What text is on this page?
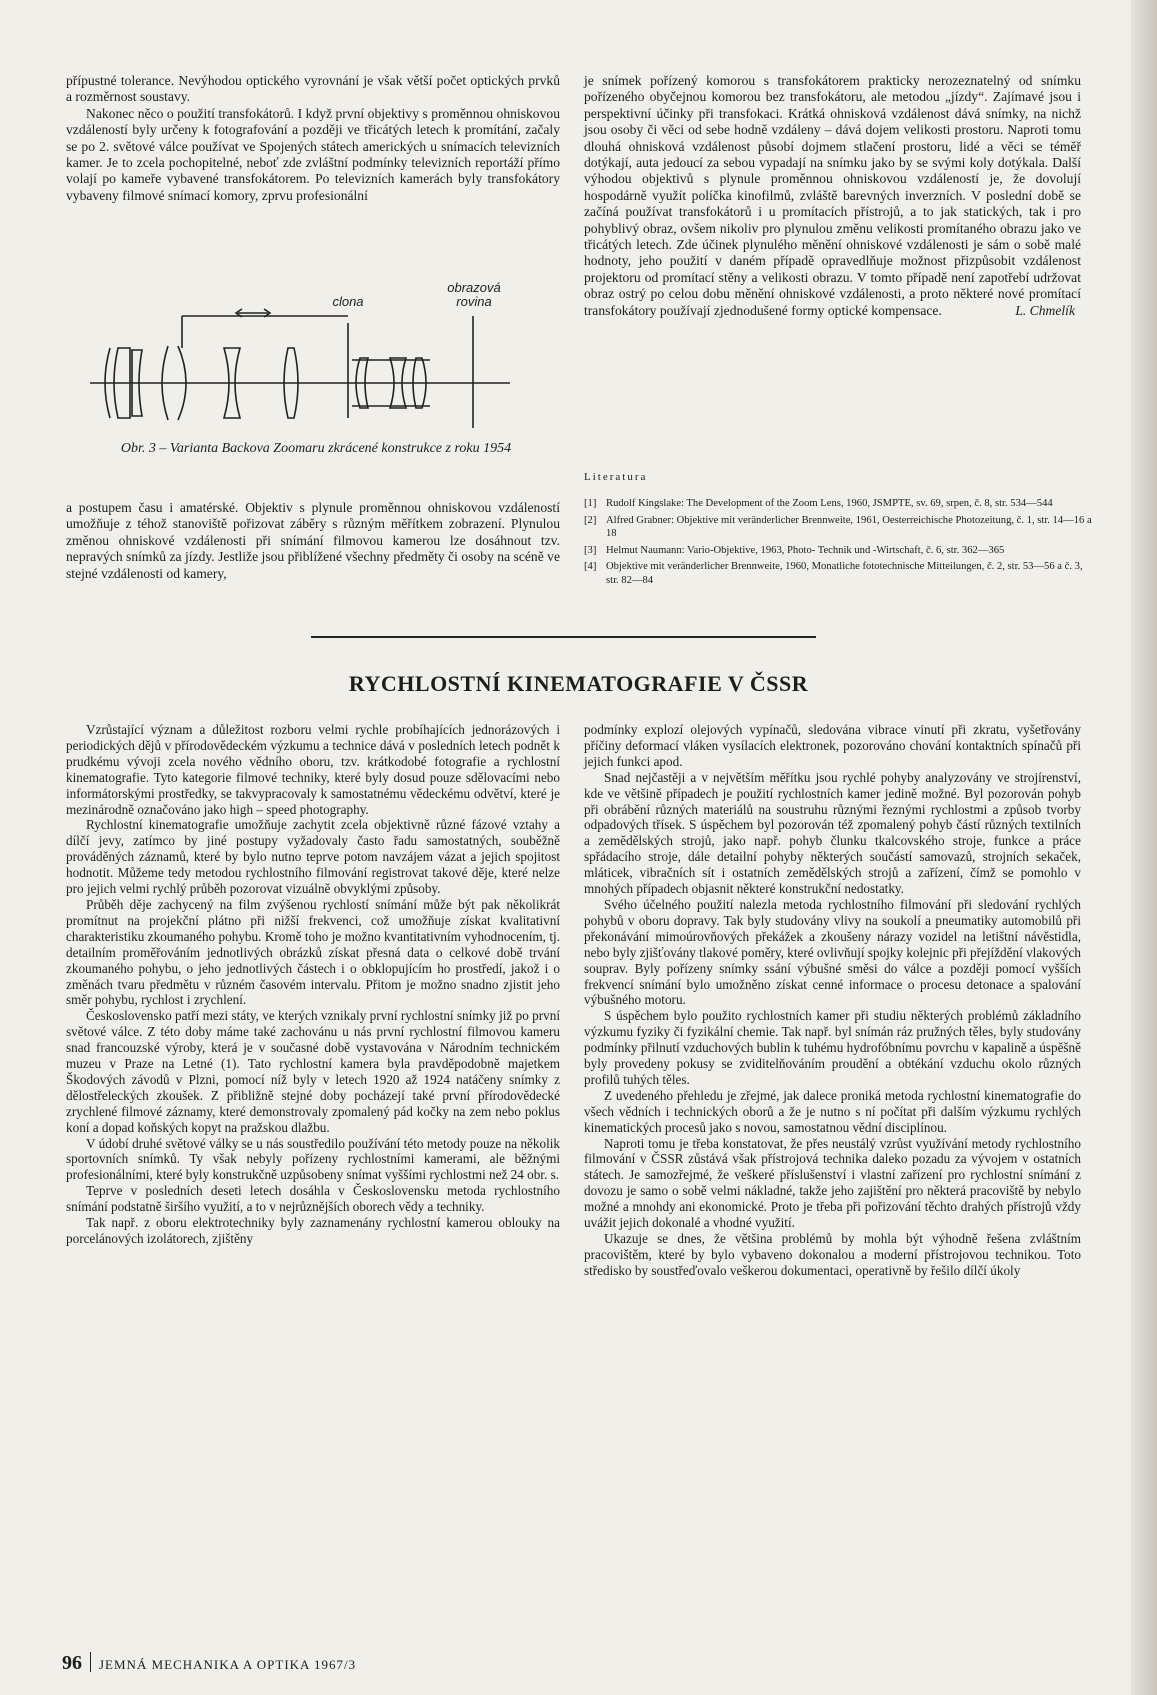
přípustné tolerance. Nevýhodou optického vyrovnání je však větší počet optických prvků a rozměrnost soustavy.

Nakonec něco o použití transfokátorů. I když první objektivy s proměnnou ohniskovou vzdáleností byly určeny k fotografování a později ve třicátých letech k promítání, začaly se po 2. světové válce používat ve Spojených státech amerických u snímacích televizních kamer. Je to zcela pochopitelné, neboť zde zvláštní podmínky televizních reportáží přímo volají po kameře vybavené transfokátorem. Po televizních kamerách byly transfokátory vybaveny filmové snímací komory, zprvu profesionální

clona
obrazová
rovina
Obr. 3 – Varianta Backova Zoomaru zkrácené konstrukce z roku 1954

a postupem času i amatérské. Objektiv s plynule proměnnou ohniskovou vzdáleností umožňuje z téhož stanoviště pořizovat záběry s různým měřítkem zobrazení. Plynulou změnou ohniskové vzdálenosti při snímání filmovou kamerou lze dosáhnout tzv. nepravých snímků za jízdy. Jestliže jsou přiblížené všechny předměty či osoby na scéně ve stejné vzdálenosti od kamery,

je snímek pořízený komorou s transfokátorem prakticky nerozeznatelný od snímku pořízeného obyčejnou komorou bez transfokátoru, ale metodou „jízdy“. Zajímavé jsou i perspektivní účinky při transfokaci. Krátká ohnisková vzdálenost dává snímky, na nichž jsou osoby či věci od sebe hodně vzdáleny – dává dojem velikosti prostoru. Naproti tomu dlouhá ohnisková vzdálenost působí dojmem stlačení prostoru, lidé a věci se téměř dotýkají, auta jedoucí za sebou vypadají na snímku jako by se svými koly dotýkala. Další výhodou objektivů s plynule proměnnou ohniskovou vzdáleností je, že dovolují hospodárně využít políčka kinofilmů, zvláště barevných inverzních. V poslední době se začíná používat transfokátorů i u promítacích přístrojů, a to jak statických, tak i pro pohyblivý obraz, ovšem nikoliv pro plynulou změnu velikosti promítaného obrazu jako ve třicátých letech. Zde účinek plynulého měnění ohniskové vzdálenosti je sám o sobě malé hodnoty, jeho použití v daném případě opravedlňuje možnost přizpůsobit vzdálenost projektoru od promítací stěny a velikosti obrazu. V tomto případě není zapotřebí udržovat obraz ostrý po celou dobu měnění ohniskové vzdálenosti, a proto některé nové promítací transfokátory používají zjednodušené formy optické kompensace.	L. Chmelík

Literatura
[1] Rudolf Kingslake: The Development of the Zoom Lens, 1960, JSMPTE, sv. 69, srpen, č. 8, str. 534—544
[2] Alfred Grabner: Objektive mit veränderlicher Brennweite, 1961, Oesterreichische Photozeitung, č. 1, str. 14—16 a 18
[3] Helmut Naumann: Vario-Objektive, 1963, Photo- Technik und -Wirtschaft, č. 6, str. 362—365
[4] Objektive mit veränderlicher Brennweite, 1960, Monatliche fototechnische Mitteilungen, č. 2, str. 53—56 a č. 3, str. 82—84
RYCHLOSTNÍ KINEMATOGRAFIE V ČSSR

Vzrůstající význam a důležitost rozboru velmi rychle probíhajících jednorázových i periodických dějů v přírodovědeckém výzkumu a technice dává v posledních letech podnět k prudkému vývoji zcela nového vědního oboru, tzv. krátkodobé fotografie a rychlostní kinematografie. Tyto kategorie filmové techniky, které byly dosud pouze sdělovacími nebo informátorskými prostředky, se takvypracovaly k samostatnému vědeckému odvětví, které je mezinárodně označováno jako high – speed photography.

Rychlostní kinematografie umožňuje zachytit zcela objektivně různé fázové vztahy a dílčí jevy, zatímco by jiné postupy vyžadovaly často řadu samostatných, souběžně prováděných záznamů, které by bylo nutno teprve potom navzájem vázat a jejich spojitost hodnotit. Můžeme tedy metodou rychlostního filmování registrovat takové děje, které nelze pro jejich velmi rychlý průběh pozorovat vizuálně obvyklými způsoby.

Průběh děje zachycený na film zvýšenou rychlostí snímání může být pak několikrát promítnut na projekční plátno při nižší frekvenci, což umožňuje získat kvalitativní charakteristiku zkoumaného pohybu. Kromě toho je možno kvantitativním vyhodnocením, tj. detailním proměřováním jednotlivých obrázků získat přesná data o celkové době trvání zkoumaného pohybu, o jeho jednotlivých částech i o obklopujícím ho prostředí, jakož i o změnách tvaru předmětu v různém časovém intervalu. Přitom je možno snadno zjistit jeho směr pohybu, rychlost i zrychlení.

Československo patří mezi státy, ve kterých vznikaly první rychlostní snímky již po první světové válce. Z této doby máme také zachovánu u nás první rychlostní filmovou kameru snad francouzské výroby, která je v současné době vystavována v Národním technickém muzeu v Praze na Letné (1). Tato rychlostní kamera byla pravděpodobně majetkem Škodových závodů v Plzni, pomocí níž byly v letech 1920 až 1924 natáčeny snímky z dělostřeleckých zkoušek. Z přibližně stejné doby pocházejí také první přírodovědecké zrychlené filmové záznamy, které demonstrovaly zpomalený pád kočky na zem nebo poklus koní a dopad koňských kopyt na pražskou dlažbu.

V údobí druhé světové války se u nás soustředilo používání této metody pouze na několik sportovních snímků. Ty však nebyly pořízeny rychlostními kamerami, ale běžnými profesionálními, které byly konstrukčně uzpůsobeny snímat vyššími rychlostmi než 24 obr. s.

Teprve v posledních deseti letech dosáhla v Československu metoda rychlostního snímání podstatně širšího využití, a to v nejrůznějších oborech vědy a techniky.

Tak např. z oboru elektrotechniky byly zaznamenány rychlostní kamerou oblouky na porcelánových izolátorech, zjištěny

podmínky explozí olejových vypínačů, sledována vibrace vinutí při zkratu, vyšetřovány příčiny deformací vláken vysílacích elektronek, pozorováno chování kontaktních spínačů při jejich funkci apod.

Snad nejčastěji a v největším měřítku jsou rychlé pohyby analyzovány ve strojírenství, kde ve většině případech je použití rychlostních kamer jedině možné. Byl pozorován pohyb při obrábění různých materiálů na soustruhu různými řeznými rychlostmi a způsob tvorby odpadových třísek. S úspěchem byl pozorován též zpomalený pohyb částí různých textilních a zemědělských strojů, jako např. pohyb člunku tkalcovského stroje, funkce a práce spřádacího stroje, dále detailní pohyby některých součástí samovazů, strojních sekaček, mláticek, vibračních sít i ostatních zemědělských strojů a zařízení, čímž se pomohlo v mnohých případech objasnit některé konstrukční nedostatky.

Svého účelného použití nalezla metoda rychlostního filmování při sledování rychlých pohybů v oboru dopravy. Tak byly studovány vlivy na soukolí a pneumatiky automobilů při překonávání mimoúrovňových překážek a zkoušeny nárazy vozidel na letištní návěstidla, nebo byly zjišťovány tlakové poměry, které ovlivňují spojky kolejnic při přejíždění vlakových souprav. Byly pořízeny snímky ssání výbušné směsi do válce a později pomocí vyšších frekvencí snímání bylo umožněno získat cenné informace o procesu detonace a spalování výbušného motoru.

S úspěchem bylo použito rychlostních kamer při studiu některých problémů základního výzkumu fyziky či fyzikální chemie. Tak např. byl snímán ráz pružných těles, byly studovány podmínky přilnutí vzduchových bublin k tuhému hydrofóbnímu povrchu v kapalině a úspěšně byly provedeny pokusy se zviditelňováním proudění a obtékání vzduchu okolo různých profilů tuhých těles.

Z uvedeného přehledu je zřejmé, jak dalece proniká metoda rychlostní kinematografie do všech vědních i technických oborů a že je nutno s ní počítat při dalším výzkumu rychlých kinematických procesů jako s novou, samostatnou vědní disciplínou.

Naproti tomu je třeba konstatovat, že přes neustálý vzrůst využívání metody rychlostního filmování v ČSSR zůstává však přístrojová technika daleko pozadu za vývojem v ostatních státech. Je samozřejmé, že veškeré příslušenství i vlastní zařízení pro rychlostní snímání z dovozu je samo o sobě velmi nákladné, takže jeho zajištění pro některá pracoviště by nebylo možné a mnohdy ani ekonomické. Proto je třeba při pořizování těchto drahých přístrojů vždy uvážit jejich dokonalé a vhodné využití.

Ukazuje se dnes, že většina problémů by mohla být výhodně řešena zvláštním pracovištěm, které by bylo vybaveno dokonalou a moderní přístrojovou technikou. Toto středisko by soustřeďovalo veškerou dokumentaci, operativně by řešilo dílčí úkoly

96 JEMNÁ MECHANIKA A OPTIKA 1967/3
